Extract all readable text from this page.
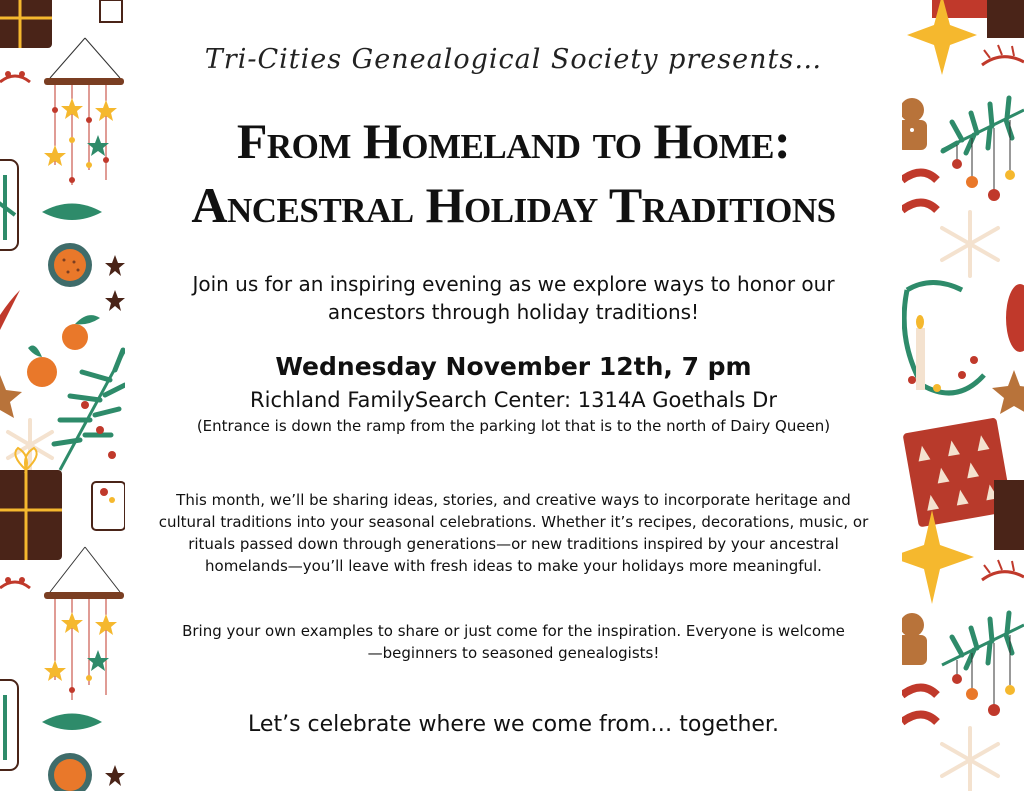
Tri-Cities Genealogical Society presents…
From Homeland to Home:
Ancestral Holiday Traditions
Join us for an inspiring evening as we explore ways to honor our ancestors through holiday traditions!
Wednesday November 12th, 7 pm
Richland FamilySearch Center: 1314A Goethals Dr
(Entrance is down the ramp from the parking lot that is to the north of Dairy Queen)
This month, we’ll be sharing ideas, stories, and creative ways to incorporate heritage and cultural traditions into your seasonal celebrations. Whether it’s recipes, decorations, music, or rituals passed down through generations—or new traditions inspired by your ancestral homelands—you’ll leave with fresh ideas to make your holidays more meaningful.
Bring your own examples to share or just come for the inspiration. Everyone is welcome—beginners to seasoned genealogists!
Let’s celebrate where we come from… together.
